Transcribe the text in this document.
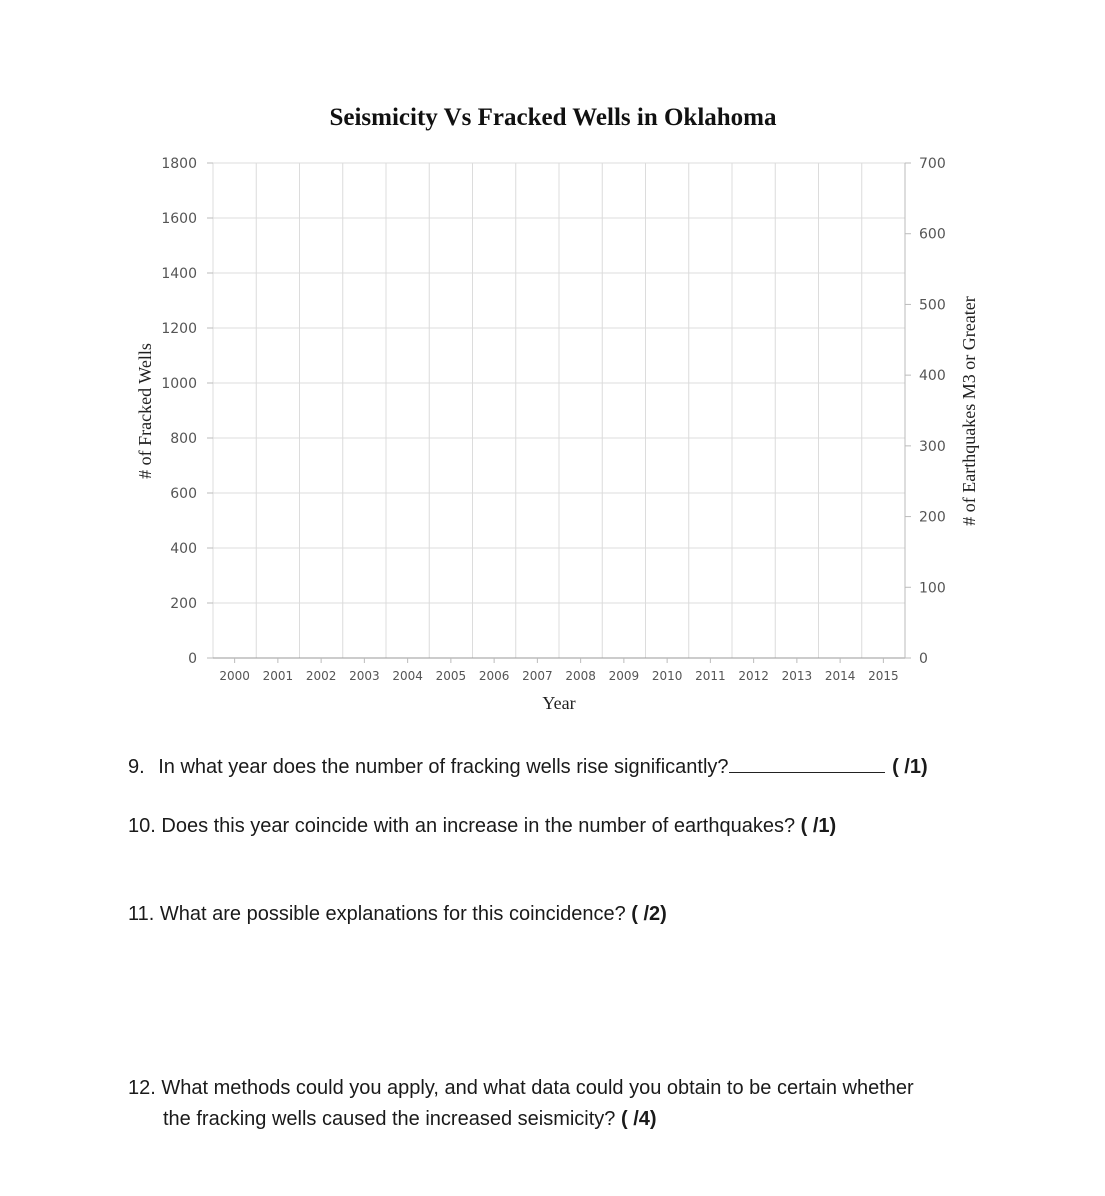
Seismicity Vs Fracked Wells in Oklahoma
0
200
400
600
800
1000
1200
1400
1600
1800
0
100
200
300
400
500
600
700
2000 2001 2002 2003 2004 2005 2006 2007 2008 2009 2010 2011 2012 2013 2014 2015
Year
# of Fracked Wells	# of Earthquakes M3 or Greater
9. In what year does the number of fracking wells rise significantly?	( /1)
10. Does this year coincide with an increase in the number of earthquakes? ( /1)
11. What are possible explanations for this coincidence? ( /2)
12. What methods could you apply, and what data could you obtain to be certain whether
the fracking wells caused the increased seismicity? ( /4)
